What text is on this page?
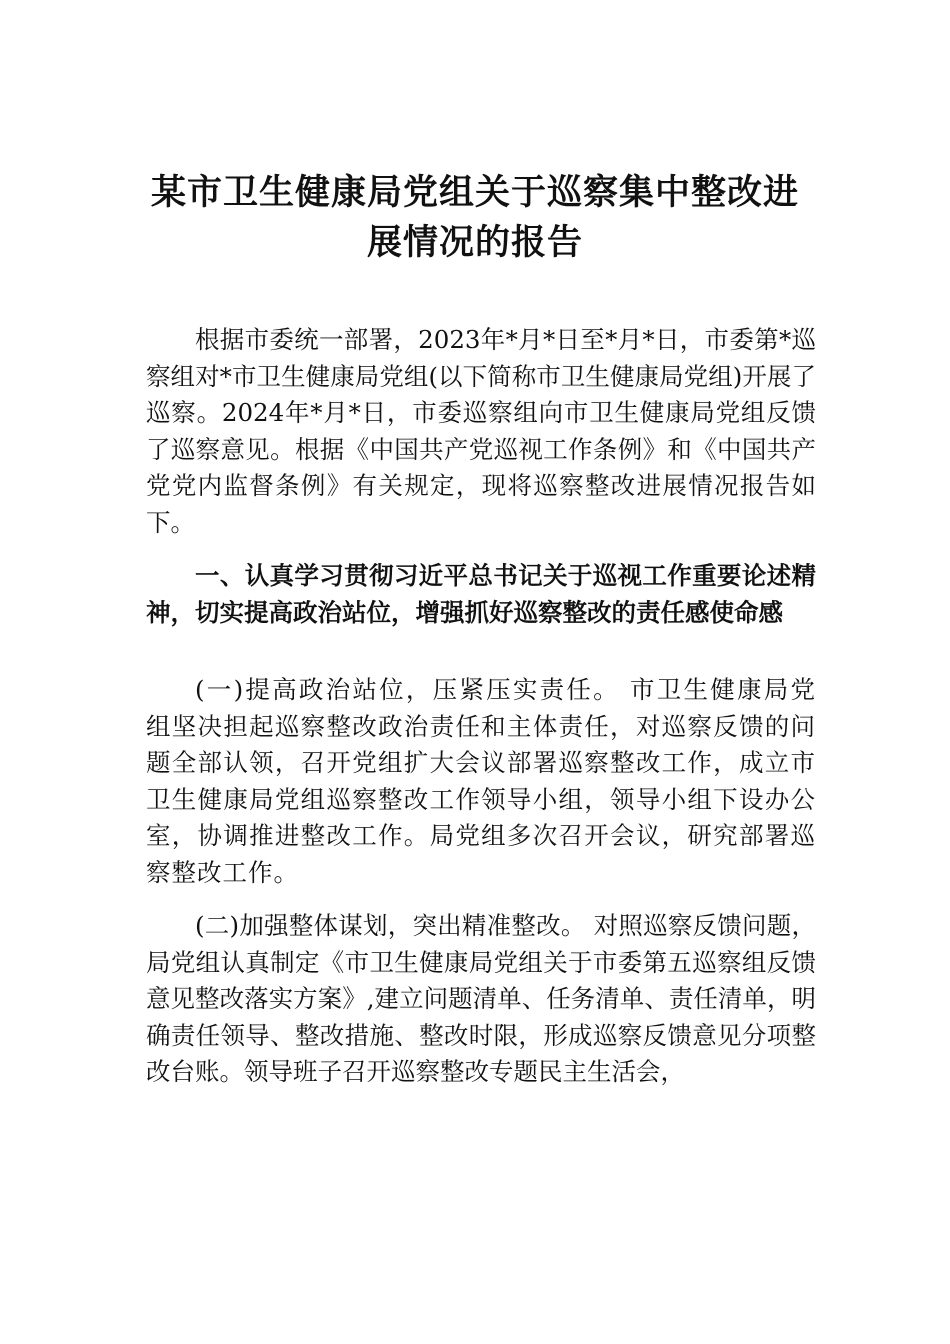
某市卫生健康局党组关于巡察集中整改进
展情况的报告

根据市委统一部署，2023年*月*日至*月*日，市委第*巡察组对*市卫生健康局党组(以下简称市卫生健康局党组)开展了巡察。2024年*月*日，市委巡察组向市卫生健康局党组反馈了巡察意见。根据《中国共产党巡视工作条例》和《中国共产党党内监督条例》有关规定，现将巡察整改进展情况报告如下。

一、认真学习贯彻习近平总书记关于巡视工作重要论述精神，切实提高政治站位，增强抓好巡察整改的责任感使命感

(一)提高政治站位，压紧压实责任。 市卫生健康局党 组坚决担起巡察整改政治责任和主体责任，对巡察反馈的问 题全部认领，召开党组扩大会议部署巡察整改工作，成立市 卫生健康局党组巡察整改工作领导小组，领导小组下设办公 室，协调推进整改工作。局党组多次召开会议，研究部署巡 察整改工作。

(二)加强整体谋划，突出精准整改。 对照巡察反馈问题，局党组认真制定《市卫生健康局党组关于市委第五巡察组反馈意见整改落实方案》,建立问题清单、任务清单、责任清单，明确责任领导、整改措施、整改时限，形成巡察反馈意见分项整改台账。领导班子召开巡察整改专题民主生活会，
